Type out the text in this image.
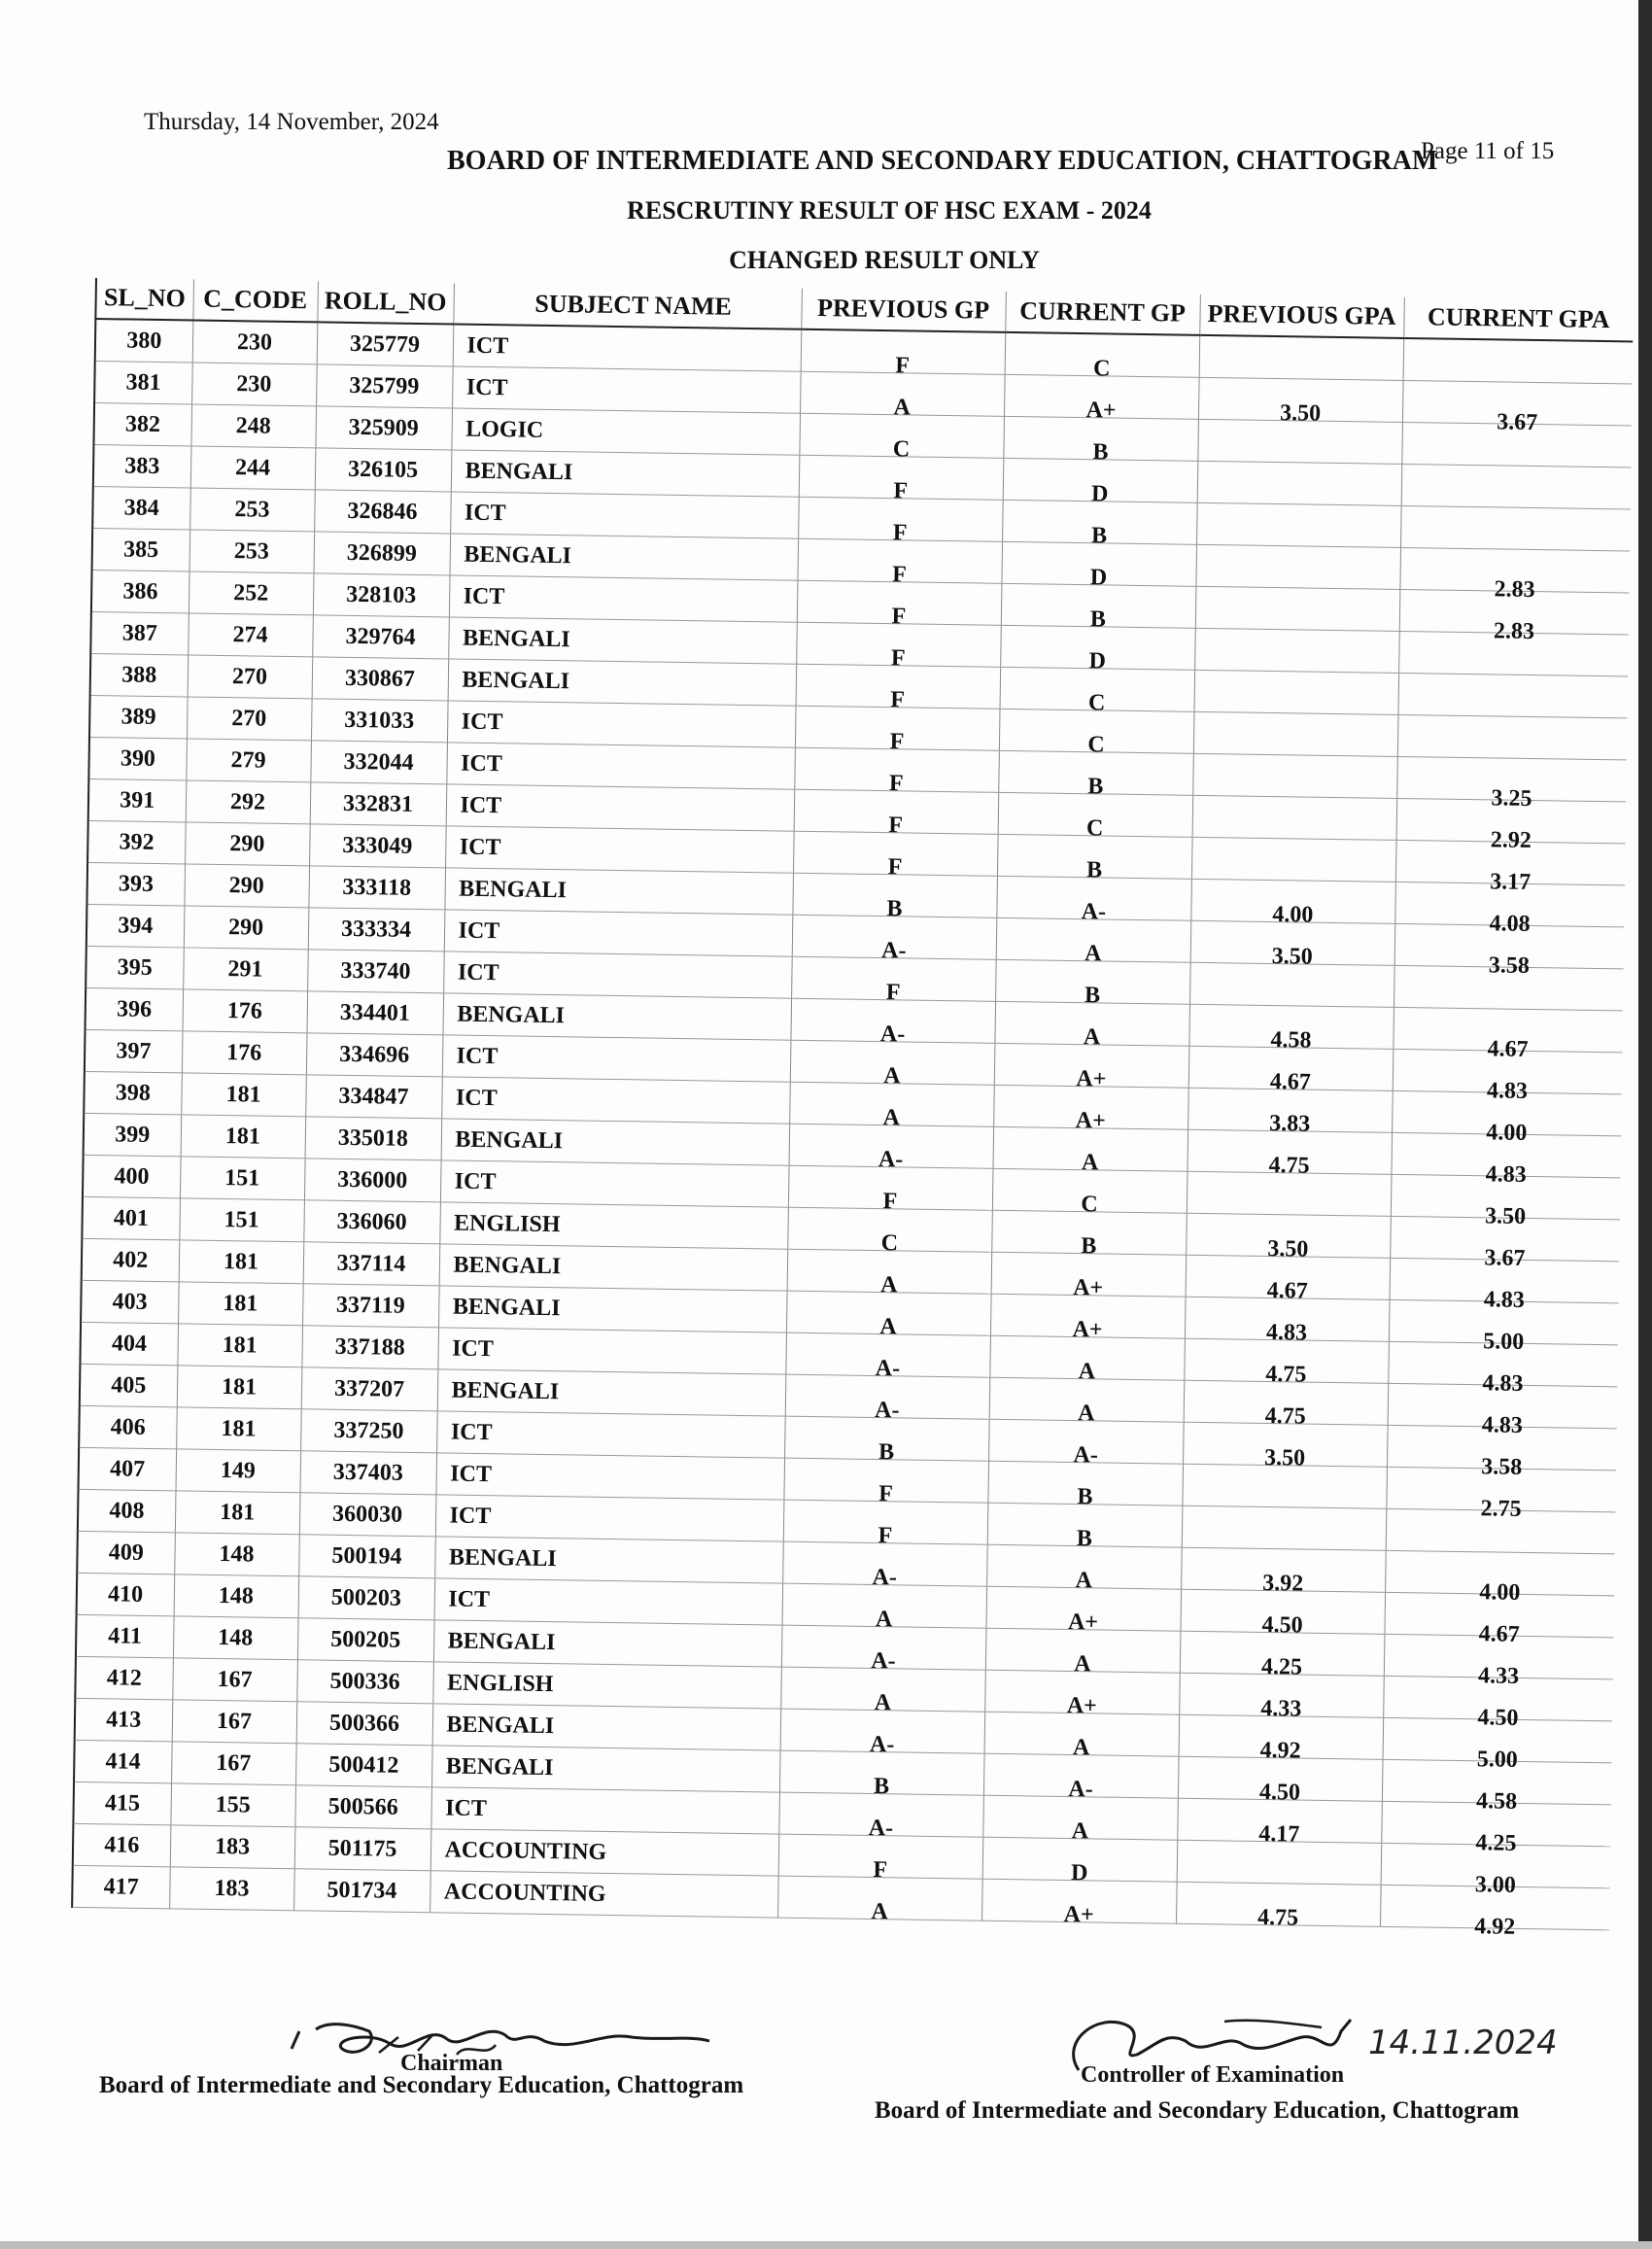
Thursday, 14 November, 2024
BOARD OF INTERMEDIATE AND SECONDARY EDUCATION, CHATTOGRAM
Page 11 of 15
RESCRUTINY RESULT OF HSC EXAM - 2024
CHANGED RESULT ONLY
SL_NO	C_CODE	ROLL_NO	SUBJECT NAME	PREVIOUS GP	CURRENT GP	PREVIOUS GPA	CURRENT GPA
380	230	325779	ICT	F	C		
381	230	325799	ICT	A	A+	3.50	3.67
382	248	325909	LOGIC	C	B		
383	244	326105	BENGALI	F	D		
384	253	326846	ICT	F	B		
385	253	326899	BENGALI	F	D		2.83
386	252	328103	ICT	F	B		2.83
387	274	329764	BENGALI	F	D		
388	270	330867	BENGALI	F	C		
389	270	331033	ICT	F	C		
390	279	332044	ICT	F	B		3.25
391	292	332831	ICT	F	C		2.92
392	290	333049	ICT	F	B		3.17
393	290	333118	BENGALI	B	A-	4.00	4.08
394	290	333334	ICT	A-	A	3.50	3.58
395	291	333740	ICT	F	B		
396	176	334401	BENGALI	A-	A	4.58	4.67
397	176	334696	ICT	A	A+	4.67	4.83
398	181	334847	ICT	A	A+	3.83	4.00
399	181	335018	BENGALI	A-	A	4.75	4.83
400	151	336000	ICT	F	C		3.50
401	151	336060	ENGLISH	C	B	3.50	3.67
402	181	337114	BENGALI	A	A+	4.67	4.83
403	181	337119	BENGALI	A	A+	4.83	5.00
404	181	337188	ICT	A-	A	4.75	4.83
405	181	337207	BENGALI	A-	A	4.75	4.83
406	181	337250	ICT	B	A-	3.50	3.58
407	149	337403	ICT	F	B		2.75
408	181	360030	ICT	F	B		
409	148	500194	BENGALI	A-	A	3.92	4.00
410	148	500203	ICT	A	A+	4.50	4.67
411	148	500205	BENGALI	A-	A	4.25	4.33
412	167	500336	ENGLISH	A	A+	4.33	4.50
413	167	500366	BENGALI	A-	A	4.92	5.00
414	167	500412	BENGALI	B	A-	4.50	4.58
415	155	500566	ICT	A-	A	4.17	4.25
416	183	501175	ACCOUNTING	F	D		3.00
417	183	501734	ACCOUNTING	A	A+	4.75	4.92
14.11.2024
Chairman
Board of Intermediate and Secondary Education, Chattogram	Controller of Examination
Board of Intermediate and Secondary Education, Chattogram
